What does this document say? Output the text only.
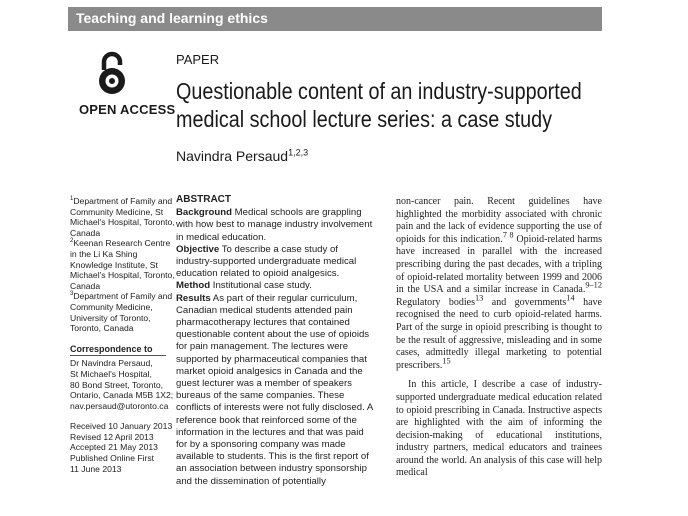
Teaching and learning ethics
OPEN ACCESS
PAPER
Questionable content of an industry-supported
medical school lecture series: a case study
Navindra Persaud$^{1,2,3}$
$^1$Department of Family and Community Medicine, St Michael's Hospital, Toronto, Canada
$^2$Keenan Research Centre in the Li Ka Shing Knowledge Institute, St Michael's Hospital, Toronto, Canada
$^3$Department of Family and Community Medicine, University of Toronto, Toronto, Canada
Correspondence to
Dr Navindra Persaud,
St Michael's Hospital,
80 Bond Street, Toronto,
Ontario, Canada M5B 1X2;
nav.persaud@utoronto.ca
Received 10 January 2013
Revised 12 April 2013
Accepted 21 May 2013
Published Online First
11 June 2013
ABSTRACT
Background Medical schools are grappling with how best to manage industry involvement in medical education.
Objective To describe a case study of industry-supported undergraduate medical education related to opioid analgesics.
Method Institutional case study.
Results As part of their regular curriculum, Canadian medical students attended pain pharmacotherapy lectures that contained questionable content about the use of opioids for pain management. The lectures were supported by pharmaceutical companies that market opioid analgesics in Canada and the guest lecturer was a member of speakers bureaus of the same companies. These conflicts of interests were not fully disclosed. A reference book that reinforced some of the information in the lectures and that was paid for by a sponsoring company was made available to students. This is the first report of an association between industry sponsorship and the dissemination of potentially

non-cancer pain. Recent guidelines have highlighted the morbidity associated with chronic pain and the lack of evidence supporting the use of opioids for this indication.$^{7 8}$ Opioid-related harms have increased in parallel with the increased prescribing during the past decades, with a tripling of opioid-related mortality between 1999 and 2006 in the USA and a similar increase in Canada.$^{9-12}$ Regulatory bodies$^{13}$ and governments$^{14}$ have recognised the need to curb opioid-related harms. Part of the surge in opioid prescribing is thought to be the result of aggressive, misleading and in some cases, admittedly illegal marketing to potential prescribers.$^{15}$

In this article, I describe a case of industry-supported undergraduate medical education related to opioid prescribing in Canada. Instructive aspects are highlighted with the aim of informing the decision-making of educational institutions, industry partners, medical educators and trainees around the world. An analysis of this case will help medical
